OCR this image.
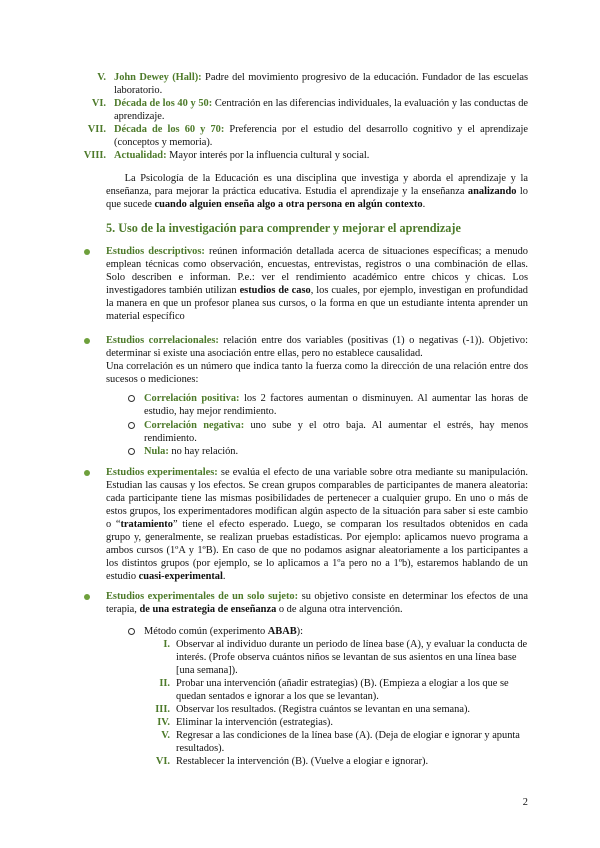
V. John Dewey (Hall): Padre del movimiento progresivo de la educación. Fundador de las escuelas laboratorio.
VI. Década de los 40 y 50: Centración en las diferencias individuales, la evaluación y las conductas de aprendizaje.
VII. Década de los 60 y 70: Preferencia por el estudio del desarrollo cognitivo y el aprendizaje (conceptos y memoria).
VIII. Actualidad: Mayor interés por la influencia cultural y social.
La Psicología de la Educación es una disciplina que investiga y aborda el aprendizaje y la enseñanza, para mejorar la práctica educativa. Estudia el aprendizaje y la enseñanza analizando lo que sucede cuando alguien enseña algo a otra persona en algún contexto.
5. Uso de la investigación para comprender y mejorar el aprendizaje
Estudios descriptivos: reúnen información detallada acerca de situaciones específicas; a menudo emplean técnicas como observación, encuestas, entrevistas, registros o una combinación de ellas. Solo describen e informan. P.e.: ver el rendimiento académico entre chicos y chicas. Los investigadores también utilizan estudios de caso, los cuales, por ejemplo, investigan en profundidad la manera en que un profesor planea sus cursos, o la forma en que un estudiante intenta aprender un material específico
Estudios correlacionales: relación entre dos variables (positivas (1) o negativas (-1)). Objetivo: determinar si existe una asociación entre ellas, pero no establece causalidad.
Una correlación es un número que indica tanto la fuerza como la dirección de una relación entre dos sucesos o mediciones:
Correlación positiva: los 2 factores aumentan o disminuyen. Al aumentar las horas de estudio, hay mejor rendimiento.
Correlación negativa: uno sube y el otro baja. Al aumentar el estrés, hay menos rendimiento.
Nula: no hay relación.
Estudios experimentales: se evalúa el efecto de una variable sobre otra mediante su manipulación. Estudian las causas y los efectos. Se crean grupos comparables de participantes de manera aleatoria: cada participante tiene las mismas posibilidades de pertenecer a cualquier grupo. En uno o más de estos grupos, los experimentadores modifican algún aspecto de la situación para saber si este cambio o “tratamiento” tiene el efecto esperado. Luego, se comparan los resultados obtenidos en cada grupo y, generalmente, se realizan pruebas estadísticas. Por ejemplo: aplicamos nuevo programa a ambos cursos (1ºA y 1ºB). En caso de que no podamos asignar aleatoriamente a los participantes a los distintos grupos (por ejemplo, se lo aplicamos a 1ºa pero no a 1ºb), estaremos hablando de un estudio cuasi-experimental.
Estudios experimentales de un solo sujeto: su objetivo consiste en determinar los efectos de una terapia, de una estrategia de enseñanza o de alguna otra intervención.
Método común (experimento ABAB):
I. Observar al individuo durante un periodo de línea base (A), y evaluar la conducta de interés. (Profe observa cuántos niños se levantan de sus asientos en una línea base [una semana]).
II. Probar una intervención (añadir estrategias) (B). (Empieza a elogiar a los que se quedan sentados e ignorar a los que se levantan).
III. Observar los resultados. (Registra cuántos se levantan en una semana).
IV. Eliminar la intervención (estrategias).
V. Regresar a las condiciones de la línea base (A). (Deja de elogiar e ignorar y apunta resultados).
VI. Restablecer la intervención (B). (Vuelve a elogiar e ignorar).
2
